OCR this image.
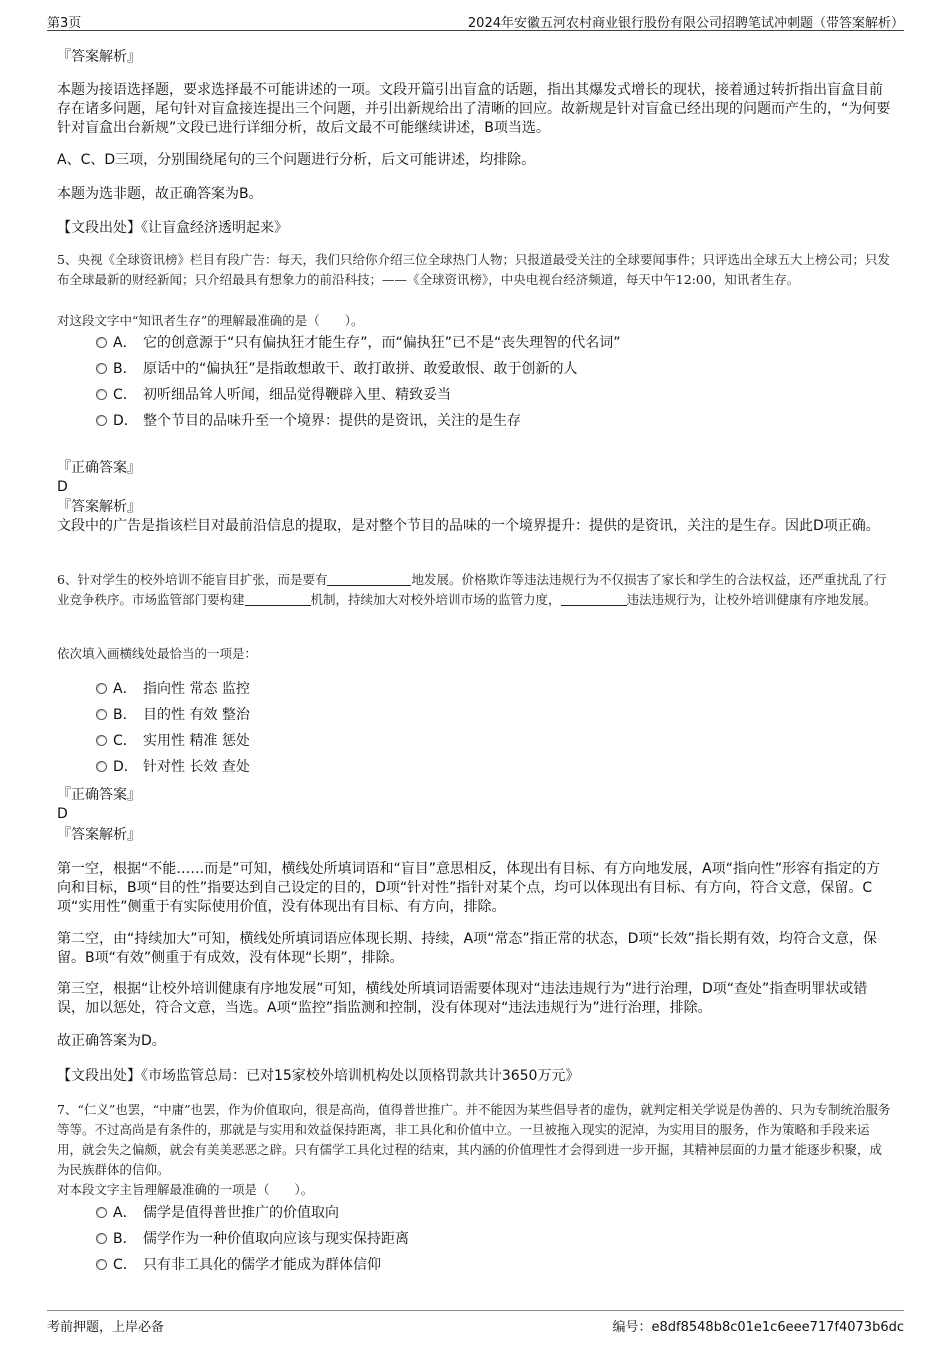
第3页	2024年安徽五河农村商业银行股份有限公司招聘笔试冲刺题（带答案解析）

『答案解析』

本题为接语选择题，要求选择最不可能讲述的一项。文段开篇引出盲盒的话题，指出其爆发式增长的现状，接着通过转折指出盲盒目前存在诸多问题，尾句针对盲盒接连提出三个问题，并引出新规给出了清晰的回应。故新规是针对盲盒已经出现的问题而产生的，“为何要针对盲盒出台新规”文段已进行详细分析，故后文最不可能继续讲述，B项当选。

A、C、D三项，分别围绕尾句的三个问题进行分析，后文可能讲述，均排除。

本题为选非题，故正确答案为B。

【文段出处】《让盲盒经济透明起来》

5、央视《全球资讯榜》栏目有段广告：每天，我们只给你介绍三位全球热门人物；只报道最受关注的全球要闻事件；只评选出全球五大上榜公司；只发布全球最新的财经新闻；只介绍最具有想象力的前沿科技；——《全球资讯榜》，中央电视台经济频道，每天中午12:00，知讯者生存。

对这段文字中“知讯者生存”的理解最准确的是（　　）。

A． 它的创意源于“只有偏执狂才能生存”，而“偏执狂”已不是“丧失理智的代名词”
B． 原话中的“偏执狂”是指敢想敢干、敢打敢拼、敢爱敢恨、敢于创新的人
C． 初听细品耸人听闻，细品觉得鞭辟入里、精致妥当
D． 整个节目的品味升至一个境界：提供的是资讯，关注的是生存

『正确答案』

D

『答案解析』

文段中的广告是指该栏目对最前沿信息的提取，是对整个节目的品味的一个境界提升：提供的是资讯，关注的是生存。因此D项正确。

6、针对学生的校外培训不能盲目扩张，而是要有	地发展。价格欺诈等违法违规行为不仅损害了家长和学生的合法权益，还严重扰乱了行业竞争秩序。市场监管部门要构建	机制，持续加大对校外培训市场的监管力度，	违法违规行为，让校外培训健康有序地发展。

依次填入画横线处最恰当的一项是：

A． 指向性 常态 监控
B． 目的性 有效 整治
C． 实用性 精准 惩处
D． 针对性 长效 查处

『正确答案』

D

『答案解析』

第一空，根据“不能……而是”可知，横线处所填词语和“盲目”意思相反，体现出有目标、有方向地发展，A项“指向性”形容有指定的方向和目标，B项“目的性”指要达到自己设定的目的，D项“针对性”指针对某个点，均可以体现出有目标、有方向，符合文意，保留。C项“实用性”侧重于有实际使用价值，没有体现出有目标、有方向，排除。

第二空，由“持续加大”可知，横线处所填词语应体现长期、持续，A项“常态”指正常的状态，D项“长效”指长期有效，均符合文意，保留。B项“有效”侧重于有成效，没有体现“长期”，排除。

第三空，根据“让校外培训健康有序地发展”可知，横线处所填词语需要体现对“违法违规行为”进行治理，D项“查处”指查明罪状或错误，加以惩处，符合文意，当选。A项“监控”指监测和控制，没有体现对“违法违规行为”进行治理，排除。

故正确答案为D。

【文段出处】《市场监管总局：已对15家校外培训机构处以顶格罚款共计3650万元》

7、“仁义”也罢，“中庸”也罢，作为价值取向，很是高尚，值得普世推广。并不能因为某些倡导者的虚伪，就判定相关学说是伪善的、只为专制统治服务等等。不过高尚是有条件的，那就是与实用和效益保持距离，非工具化和价值中立。一旦被拖入现实的泥淖，为实用目的服务，作为策略和手段来运用，就会失之偏颇，就会有美美恶恶之辟。只有儒学工具化过程的结束，其内涵的价值理性才会得到进一步开掘，其精神层面的力量才能逐步积聚，成为民族群体的信仰。

对本段文字主旨理解最准确的一项是（　　）。

A． 儒学是值得普世推广的价值取向
B． 儒学作为一种价值取向应该与现实保持距离
C． 只有非工具化的儒学才能成为群体信仰
考前押题，上岸必备	编号：e8df8548b8c01e1c6eee717f4073b6dc
